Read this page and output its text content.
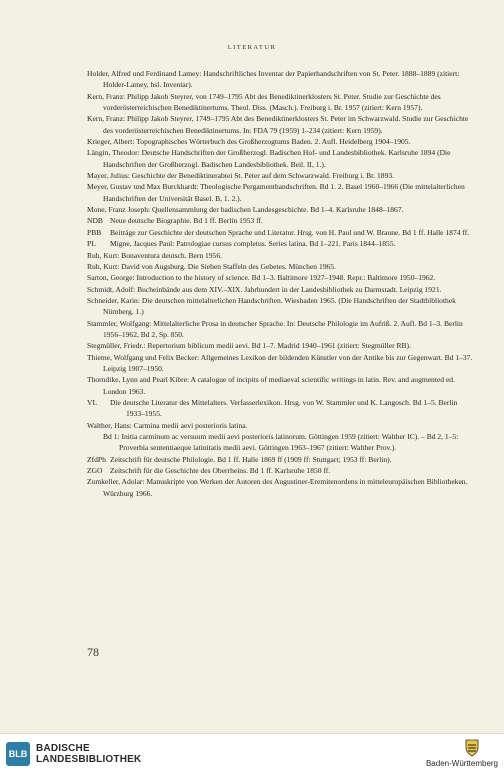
LITERATUR

Holder, Alfred und Ferdinand Lamey: Handschriftliches Inventar der Papierhandschriften von St. Peter. 1888–1889 (zitiert: Holder-Lamey, hsl. Inventar).

Kern, Franz: Philipp Jakob Steyrer, von 1749–1795 Abt des Benediktinerklosters St. Peter. Studie zur Geschichte des vorderösterreichischen Benediktinertums. Theol. Diss. (Masch.). Freiburg i. Br. 1957 (zitiert: Kern 1957).

Kern, Franz: Philipp Jakob Steyrer, 1749–1795 Abt des Benediktinerklosters St. Peter im Schwarzwald. Studie zur Geschichte des vorderösterreichischen Benediktinertums. In: FDA 79 (1959) 1–234 (zitiert: Kern 1959).

Krieger, Albert: Topographisches Wörterbuch des Großherzogtums Baden. 2. Aufl. Heidelberg 1904–1905.

Längin, Theodor: Deutsche Handschriften der Großherzogl. Badischen Hof- und Landesbibliothek. Karlsruhe 1894 (Die Handschriften der Großherzogl. Badischen Landesbibliothek. Beil. II, 1.).

Mayer, Julius: Geschichte der Benediktinerabtei St. Peter auf dem Schwarzwald. Freiburg i. Br. 1893.

Meyer, Gustav und Max Burckhardt: Theologische Pergamenthandschriften. Bd 1. 2. Basel 1960–1966 (Die mittelalterlichen Handschriften der Universität Basel. B, 1. 2.).

Mone, Franz Joseph: Quellensammlung der badischen Landesgeschichte. Bd 1–4. Karlsruhe 1848–1867.

NDB Neue deutsche Biographie. Bd 1 ff. Berlin 1953 ff.
PBB	Beiträge zur Geschichte der deutschen Sprache und Literatur. Hrsg. von H. Paul und W. Braune. Bd 1 ff. Halle 1874 ff.
PL	Migne, Jacques Paul: Patrologiae cursus completus. Series latina. Bd 1–221. Paris 1844–1855.

Ruh, Kurt: Bonaventura deutsch. Bern 1956.

Ruh, Kurt: David von Augsburg. Die Sieben Staffeln des Gebetes. München 1965.

Sarton, George: Introduction to the history of science. Bd 1–3. Baltimore 1927–1948. Repr.: Baltimore 1950–1962.

Schmidt, Adolf: Bucheinbände aus dem XIV.–XIX. Jahrhundert in der Landesbibliothek zu Darmstadt. Leipzig 1921.

Schneider, Karin: Die deutschen mittelalterlichen Handschriften. Wiesbaden 1965. (Die Handschriften der Stadtbibliothek Nürnberg. 1.)

Stammler, Wolfgang: Mittelalterliche Prosa in deutscher Sprache. In: Deutsche Philologie im Aufriß. 2. Aufl. Bd 1–3. Berlin 1956–1962, Bd 2, Sp. 850.

Stegmüller, Friedr.: Repertorium biblicum medii aevi. Bd 1–7. Madrid 1940–1961 (zitiert: Stegmüller RB).

Thieme, Wolfgang und Felix Becker: Allgemeines Lexikon der bildenden Künstler von der Antike bis zur Gegenwart. Bd 1–37. Leipzig 1907–1950.

Thorndike, Lynn and Pearl Kibre: A catalogue of incipits of mediaeval scientific writings in latin. Rev. and augmented ed. London 1963.

VL	Die deutsche Literatur des Mittelalters. Verfasserlexikon. Hrsg. von W. Stammler und K. Langosch. Bd 1–5. Berlin 1933–1955.

Walther, Hans: Carmina medii aevi posterioris latina.

Bd 1: Initia carminum ac versuum medii aevi posterioris latinorum. Göttingen 1959 (zitiert: Walther IC). – Bd 2, 1–5: Proverbia sententiaeque latinitatis medii aevi. Göttingen 1963–1967 (zitiert: Walther Prov.).

ZfdPh Zeitschrift für deutsche Philologie. Bd 1 ff. Halle 1869 ff (1909 ff: Stuttgart; 1953 ff: Berlin).
ZGO Zeitschrift für die Geschichte des Oberrheins. Bd 1 ff. Karlsruhe 1850 ff.

Zumkeller, Adolar: Manuskripte von Werken der Autoren des Augustiner-Eremitenordens in mitteleuropäischen Bibliotheken. Würzburg 1966.

78
BLB BADISCHE
LANDESBIBLIOTHEK	Baden-Württemberg
